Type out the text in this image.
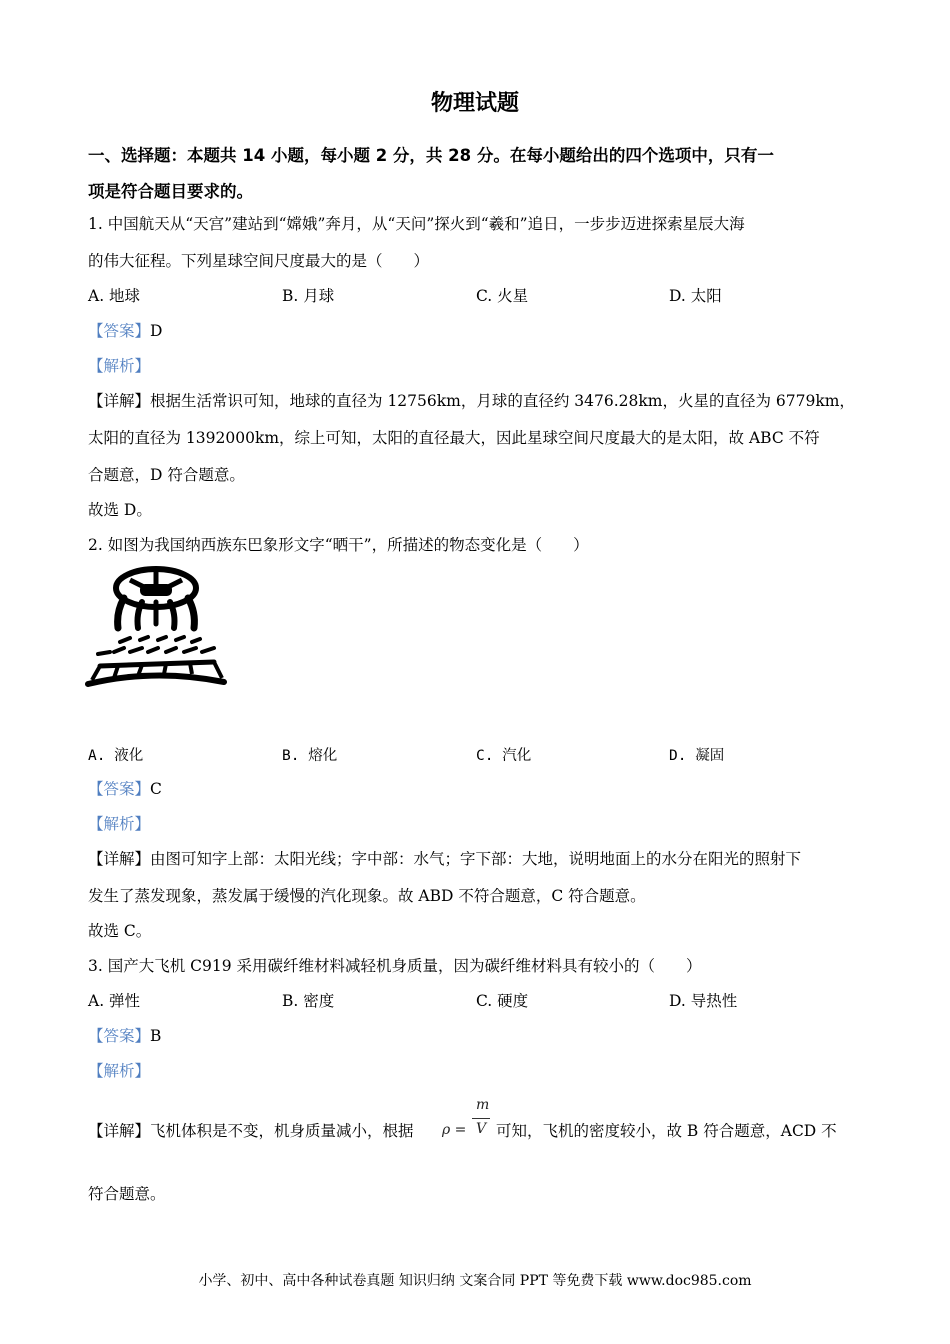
物理试题
一、选择题：本题共 14 小题，每小题 2 分，共 28 分。在每小题给出的四个选项中，只有一
项是符合题目要求的。
1. 中国航天从“天宫”建站到“嫦娥”奔月，从“天问”探火到“羲和”追日，一步步迈进探索星辰大海
的伟大征程。下列星球空间尺度最大的是（　　）
A. 地球	B. 月球	C. 火星	D. 太阳
【答案】D
【解析】
【详解】根据生活常识可知，地球的直径为 12756km，月球的直径约 3476.28km，火星的直径为 6779km，
太阳的直径为 1392000km，综上可知，太阳的直径最大，因此星球空间尺度最大的是太阳，故 ABC 不符
合题意，D 符合题意。
故选 D。
2. 如图为我国纳西族东巴象形文字“晒干”，所描述的物态变化是（　　）
A. 液化	B. 熔化	C. 汽化	D. 凝固
【答案】C
【解析】
【详解】由图可知字上部：太阳光线；字中部：水气；字下部：大地，说明地面上的水分在阳光的照射下
发生了蒸发现象，蒸发属于缓慢的汽化现象。故 ABD 不符合题意，C 符合题意。
故选 C。
3. 国产大飞机 C919 采用碳纤维材料减轻机身质量，因为碳纤维材料具有较小的（　　）
A. 弹性	B. 密度	C. 硬度	D. 导热性
【答案】B
【解析】
【详解】飞机体积是不变，机身质量减小，根据 ρ =
m
V 可知，飞机的密度较小，故 B 符合题意，ACD 不
符合题意。
小学、初中、高中各种试卷真题 知识归纳 文案合同 PPT 等免费下载 www.doc985.com
